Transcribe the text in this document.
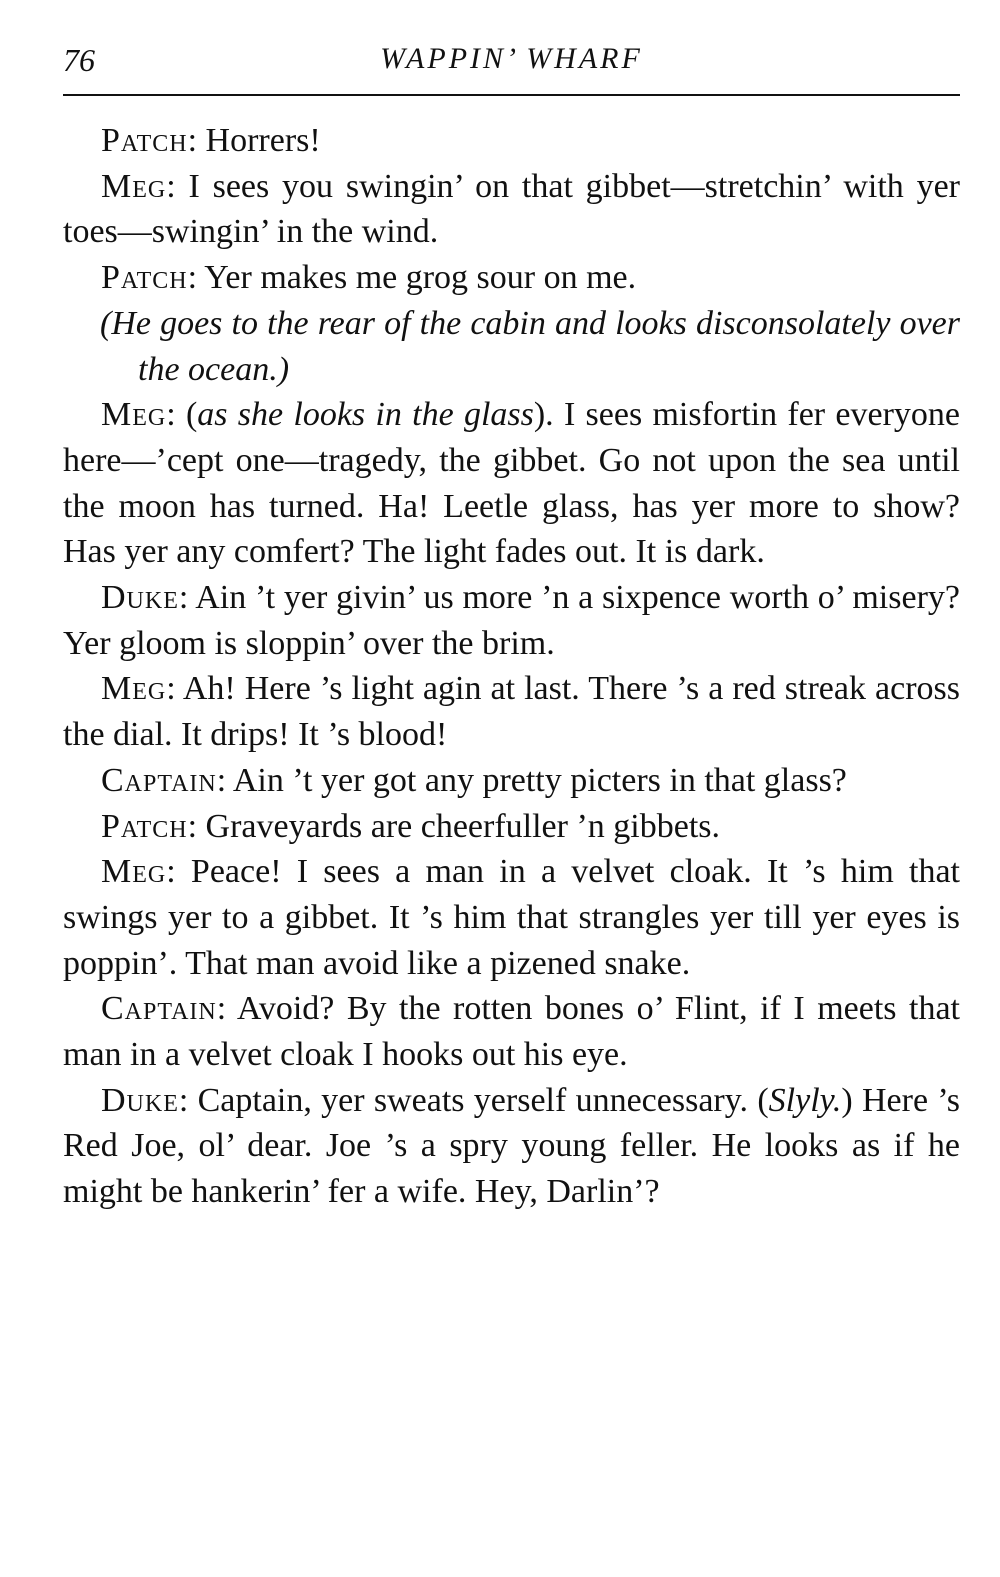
76	WAPPIN’ WHARF

Patch: Horrers!

Meg: I sees you swingin’ on that gibbet—stretchin’ with yer toes—swingin’ in the wind.

Patch: Yer makes me grog sour on me.

(He goes to the rear of the cabin and looks disconsolately over the ocean.)

Meg: (as she looks in the glass). I sees misfortin fer everyone here—’cept one—tragedy, the gibbet. Go not upon the sea until the moon has turned. Ha! Leetle glass, has yer more to show? Has yer any comfert? The light fades out. It is dark.

Duke: Ain ’t yer givin’ us more ’n a sixpence worth o’ misery? Yer gloom is sloppin’ over the brim.

Meg: Ah! Here ’s light agin at last. There ’s a red streak across the dial. It drips! It ’s blood!

Captain: Ain ’t yer got any pretty picters in that glass?

Patch: Graveyards are cheerfuller ’n gibbets.

Meg: Peace! I sees a man in a velvet cloak. It ’s him that swings yer to a gibbet. It ’s him that strangles yer till yer eyes is poppin’. That man avoid like a pizened snake.

Captain: Avoid? By the rotten bones o’ Flint, if I meets that man in a velvet cloak I hooks out his eye.

Duke: Captain, yer sweats yerself unnecessary. (Slyly.) Here ’s Red Joe, ol’ dear. Joe ’s a spry young feller. He looks as if he might be hankerin’ fer a wife. Hey, Darlin’?
